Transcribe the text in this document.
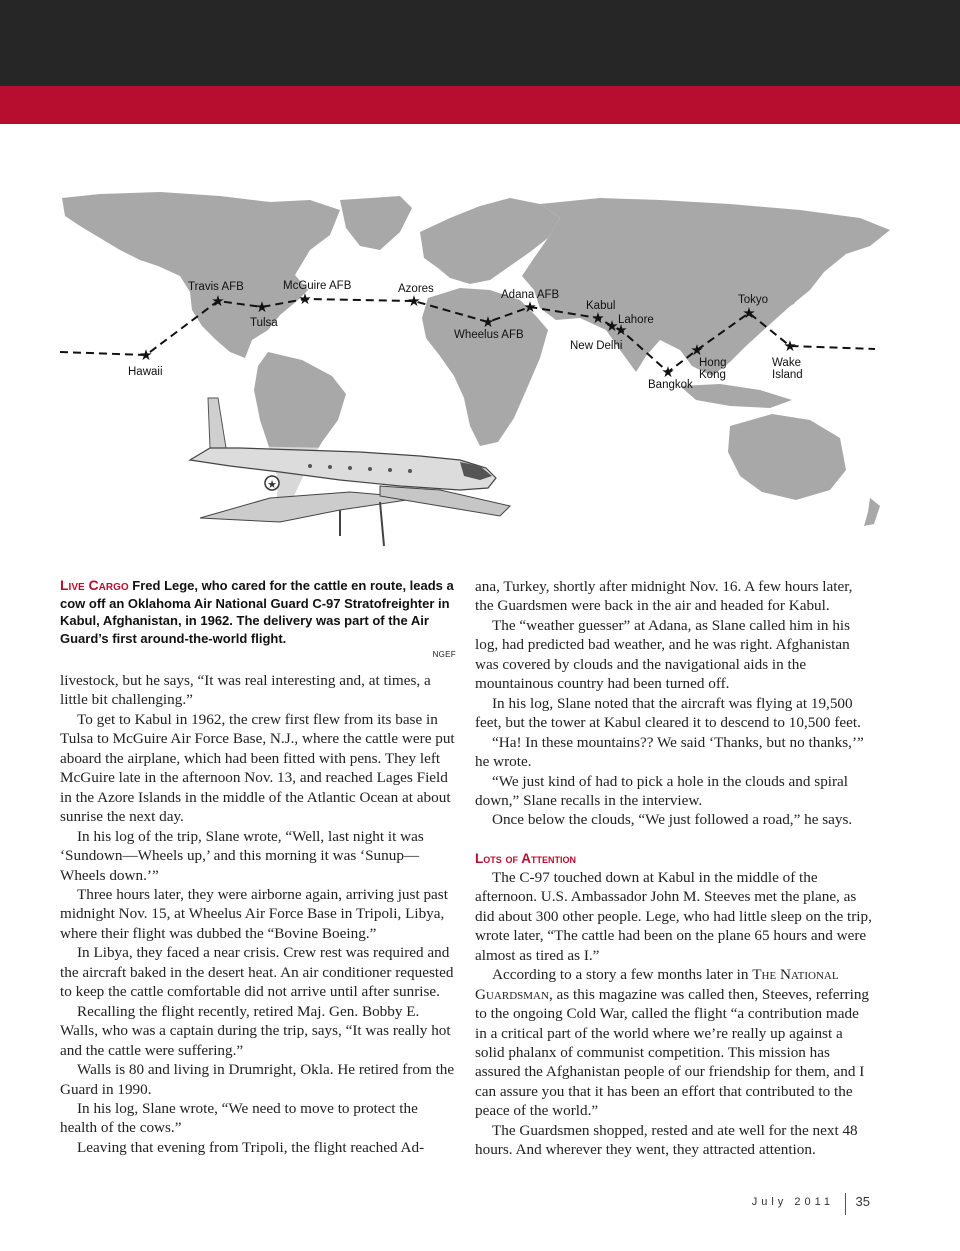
★
★ ★ ★	★
★
★
★ ★
★
★
★
★
★
★
Hawaii
Travis AFB
Tulsa
McGuire AFB	Azores
Wheelus AFB
Adana AFB
Kabul
Lahore
New Delhi
Bangkok
Hong
Kong
Tokyo
Wake
Island
Live Cargo Fred Lege, who cared for the cattle en route, leads a cow off an Oklahoma Air National Guard C-97 Stratofreighter in Kabul, Afghanistan, in 1962. The delivery was part of the Air Guard’s first around-the-world flight.
NGEF

livestock, but he says, “It was real interesting and, at times, a little bit challenging.”

To get to Kabul in 1962, the crew first flew from its base in Tulsa to McGuire Air Force Base, N.J., where the cattle were put aboard the airplane, which had been fitted with pens. They left McGuire late in the afternoon Nov. 13, and reached Lages Field in the Azore Islands in the middle of the Atlantic Ocean at about sunrise the next day.

In his log of the trip, Slane wrote, “Well, last night it was ‘Sundown—Wheels up,’ and this morning it was ‘Sunup—Wheels down.’”

Three hours later, they were airborne again, arriving just past midnight Nov. 15, at Wheelus Air Force Base in Tripoli, Libya, where their flight was dubbed the “Bovine Boeing.”

In Libya, they faced a near crisis. Crew rest was required and the aircraft baked in the desert heat. An air conditioner requested to keep the cattle comfortable did not arrive until after sunrise.

Recalling the flight recently, retired Maj. Gen. Bobby E. Walls, who was a captain during the trip, says, “It was really hot and the cattle were suffering.”

Walls is 80 and living in Drumright, Okla. He retired from the Guard in 1990.

In his log, Slane wrote, “We need to move to protect the health of the cows.”

Leaving that evening from Tripoli, the flight reached Ad-

ana, Turkey, shortly after midnight Nov. 16. A few hours later, the Guardsmen were back in the air and headed for Kabul.

The “weather guesser” at Adana, as Slane called him in his log, had predicted bad weather, and he was right. Afghanistan was covered by clouds and the navigational aids in the mountainous country had been turned off.

In his log, Slane noted that the aircraft was flying at 19,500 feet, but the tower at Kabul cleared it to descend to 10,500 feet.

“Ha! In these mountains?? We said ‘Thanks, but no thanks,’” he wrote.

“We just kind of had to pick a hole in the clouds and spiral down,” Slane recalls in the interview.

Once below the clouds, “We just followed a road,” he says.

Lots of Attention

The C-97 touched down at Kabul in the middle of the afternoon. U.S. Ambassador John M. Steeves met the plane, as did about 300 other people. Lege, who had little sleep on the trip, wrote later, “The cattle had been on the plane 65 hours and were almost as tired as I.”

According to a story a few months later in The National Guardsman, as this magazine was called then, Steeves, referring to the ongoing Cold War, called the flight “a contribution made in a critical part of the world where we’re really up against a solid phalanx of communist competition. This mission has assured the Afghanistan people of our friendship for them, and I can assure you that it has been an effort that contributed to the peace of the world.”

The Guardsmen shopped, rested and ate well for the next 48 hours. And wherever they went, they attracted attention.

July 2011 35
